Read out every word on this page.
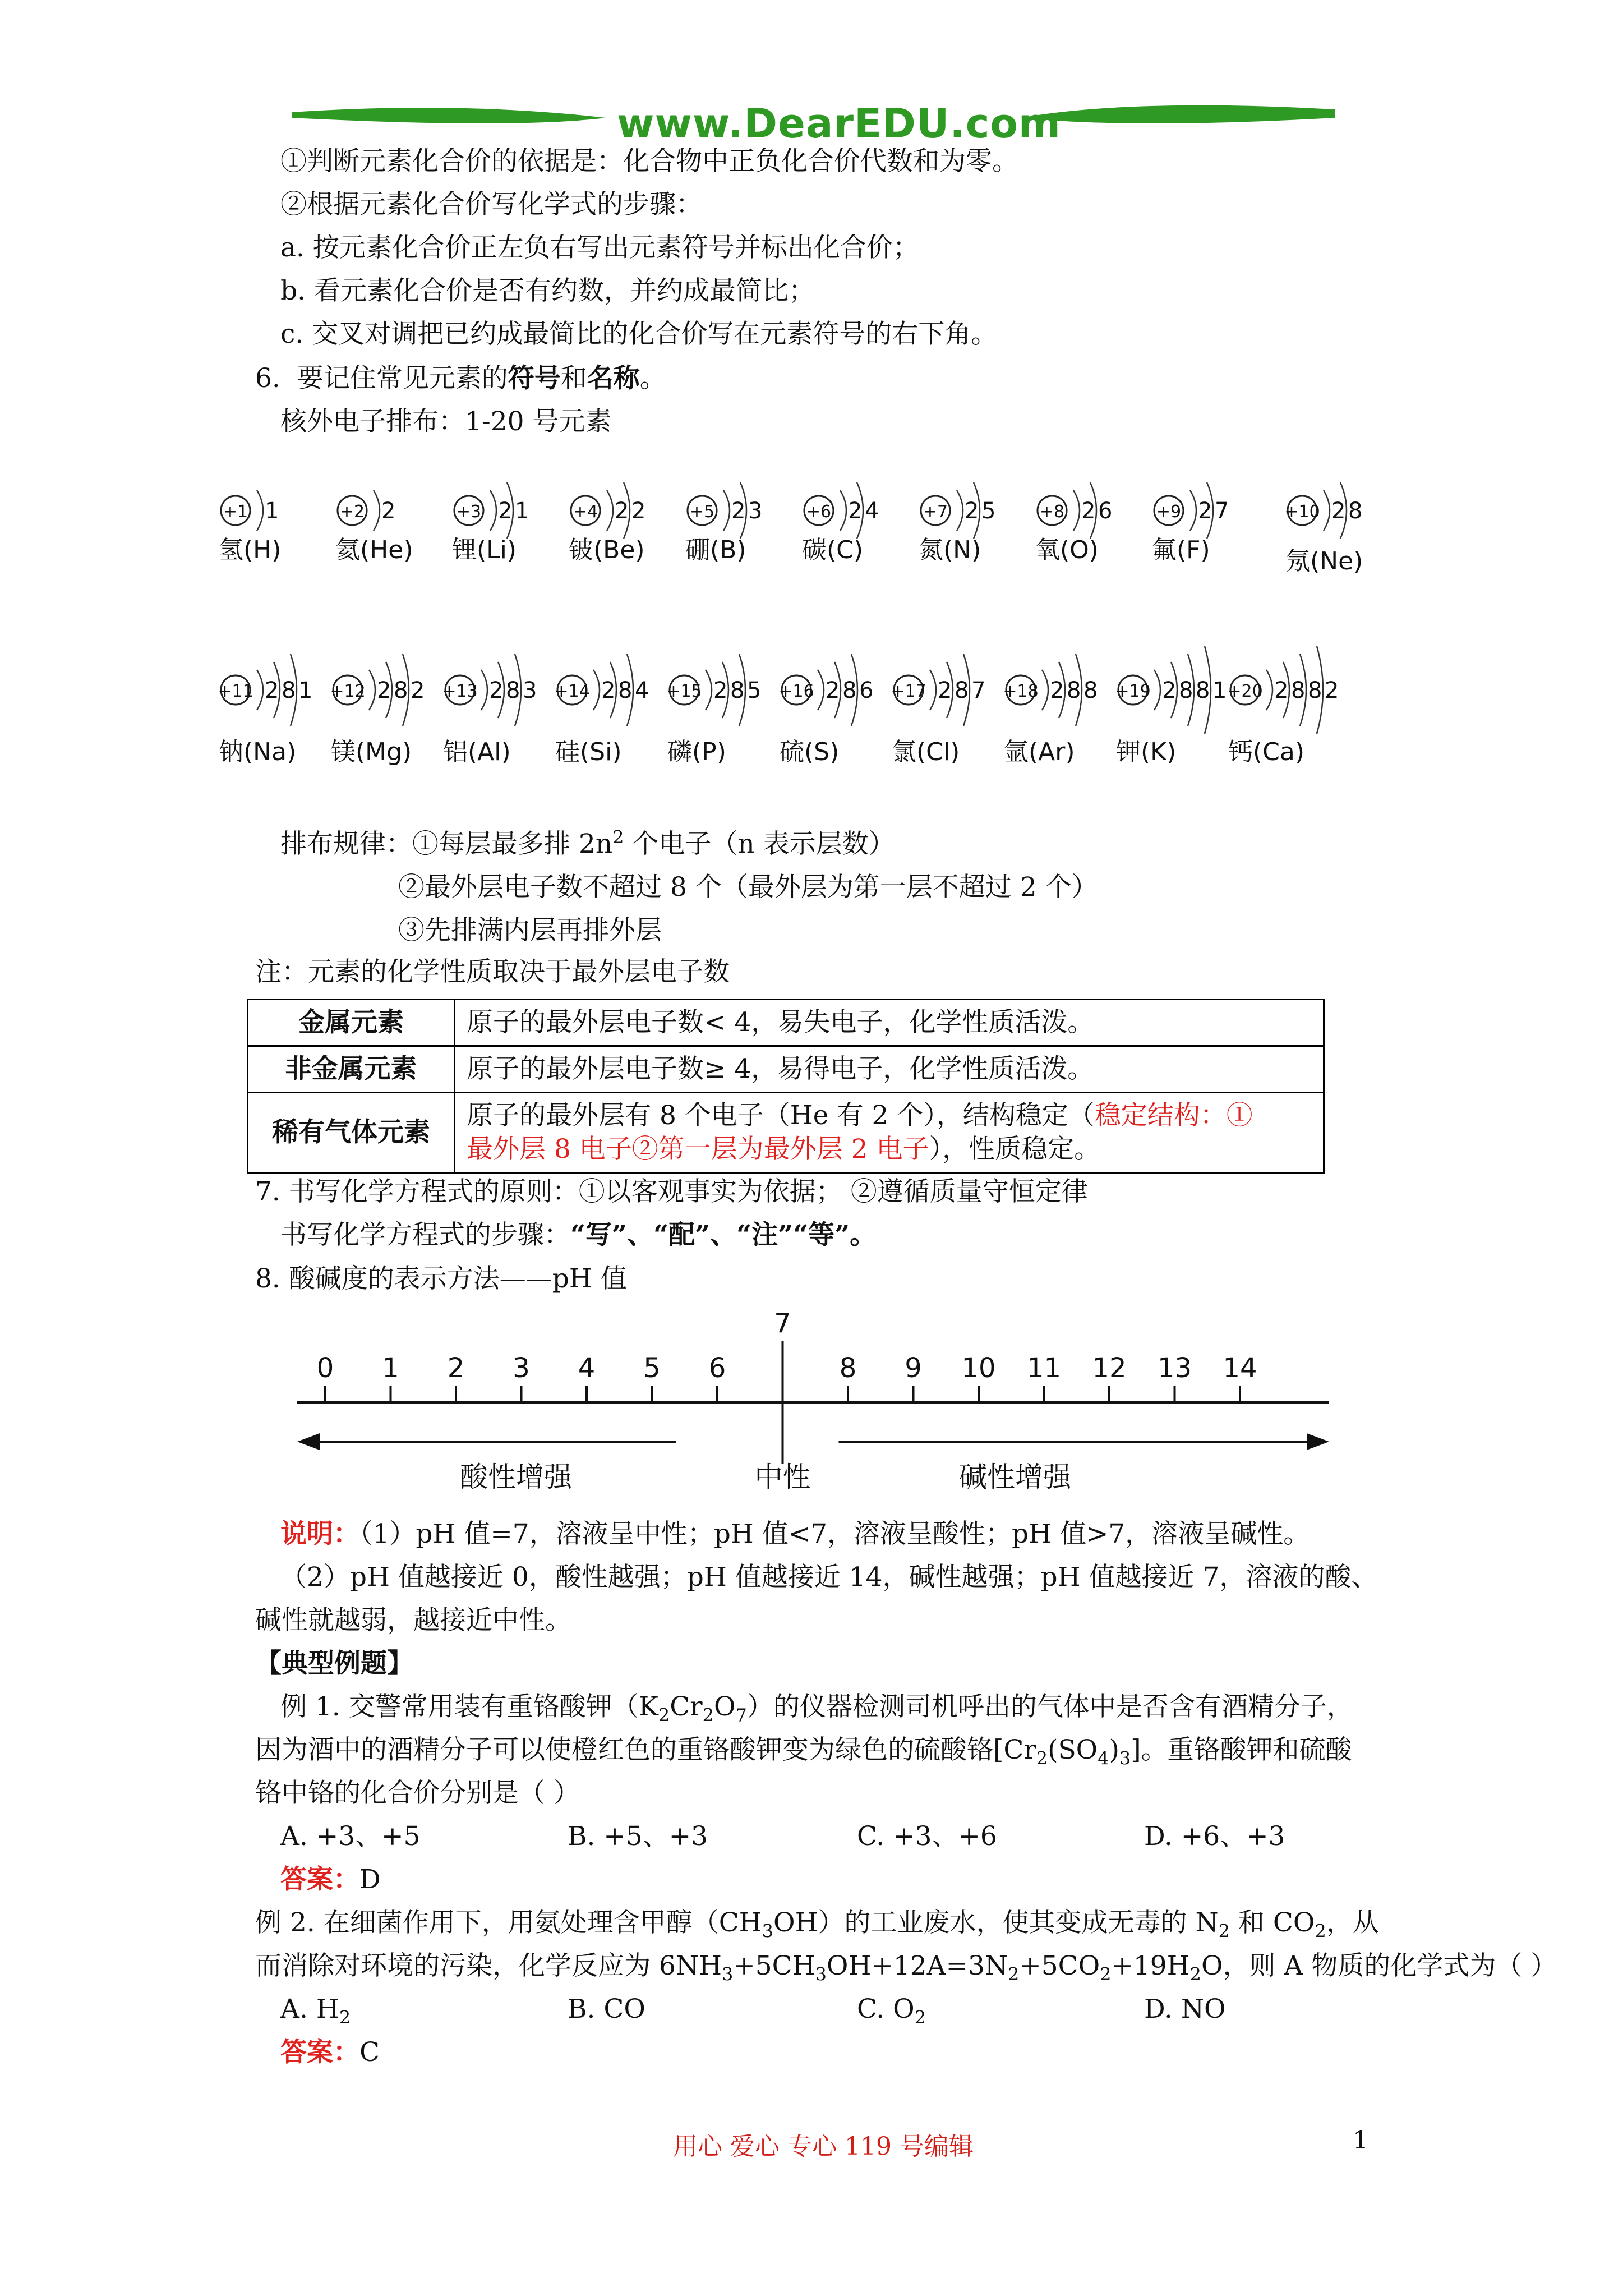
www.DearEDU.com
①判断元素化合价的依据是：化合物中正负化合价代数和为零。
②根据元素化合价写化学式的步骤：
a. 按元素化合价正左负右写出元素符号并标出化合价；
b. 看元素化合价是否有约数，并约成最简比；
c. 交叉对调把已约成最简比的化合价写在元素符号的右下角。
6. 要记住常见元素的符号和名称。
核外电子排布：1-20 号元素
+1 1
氢(H)
+2 2
氦(He)
+3 2 1
锂(Li)
+4 2 2
铍(Be)
+5 2 3
硼(B)
+6 2 4
碳(C)
+7 2 5
氮(N)
+8 2 6
氧(O)
+9 2 7
氟(F)
+10 2 8
氖(Ne)
+11 2 8 1
钠(Na)
+12 2 8 2
镁(Mg)
+13 2 8 3
铝(Al)
+14 2 8 4
硅(Si)
+15 2 8 5
磷(P)
+16 2 8 6
硫(S)
+17 2 8 7
氯(Cl)
+18 2 8 8
氩(Ar)
+19 2 8 8 1
钾(K)
+20 2 8 8 2
钙(Ca)
排布规律：①每层最多排 $2n^2$ 个电子（n 表示层数）
②最外层电子数不超过 8 个（最外层为第一层不超过 2 个）
③先排满内层再排外层
注：元素的化学性质取决于最外层电子数
金属元素	原子的最外层电子数< 4，易失电子，化学性质活泼。
非金属元素	原子的最外层电子数≥ 4，易得电子，化学性质活泼。
稀有气体元素	原子的最外层有 8 个电子（He 有 2 个），结构稳定（稳定结构：①
最外层 8 电子②第一层为最外层 2 电子），性质稳定。
7. 书写化学方程式的原则：①以客观事实为依据； ②遵循质量守恒定律
书写化学方程式的步骤：“写”、“配”、“注”“等”。
8. 酸碱度的表示方法——pH 值
0 1 2 3 4 5 6
7
8 9 10 11 12 13 14
酸性增强	中性	碱性增强
说明：（1）pH 值=7，溶液呈中性；pH 值<7，溶液呈酸性；pH 值>7，溶液呈碱性。
（2）pH 值越接近 0，酸性越强；pH 值越接近 14，碱性越强；pH 值越接近 7，溶液的酸、
碱性就越弱，越接近中性。
【典型例题】
例 1. 交警常用装有重铬酸钾$(K_2Cr_2O_7)$的仪器检测司机呼出的气体中是否含有酒精分子，
因为酒中的酒精分子可以使橙红色的重铬酸钾变为绿色的硫酸铬$[Cr_2(SO_4)_3]$。重铬酸钾和硫酸
铬中铬的化合价分别是（ ）
A. +3、+5	B. +5、+3	C. +3、+6	D. +6、+3
答案：D
例 2. 在细菌作用下，用氨处理含甲醇$(CH_3OH)$的工业废水，使其变成无毒的 $N_2$ 和 $CO_2$，从
而消除对环境的污染，化学反应为 $6NH_3+5CH_3OH+12A=3N_2+5CO_2+19H_2O$，则 A 物质的化学式为（ ）
A. $H_2$	B. CO	C. $O_2$	D. NO
答案：C
用心 爱心 专心 119 号编辑	1
